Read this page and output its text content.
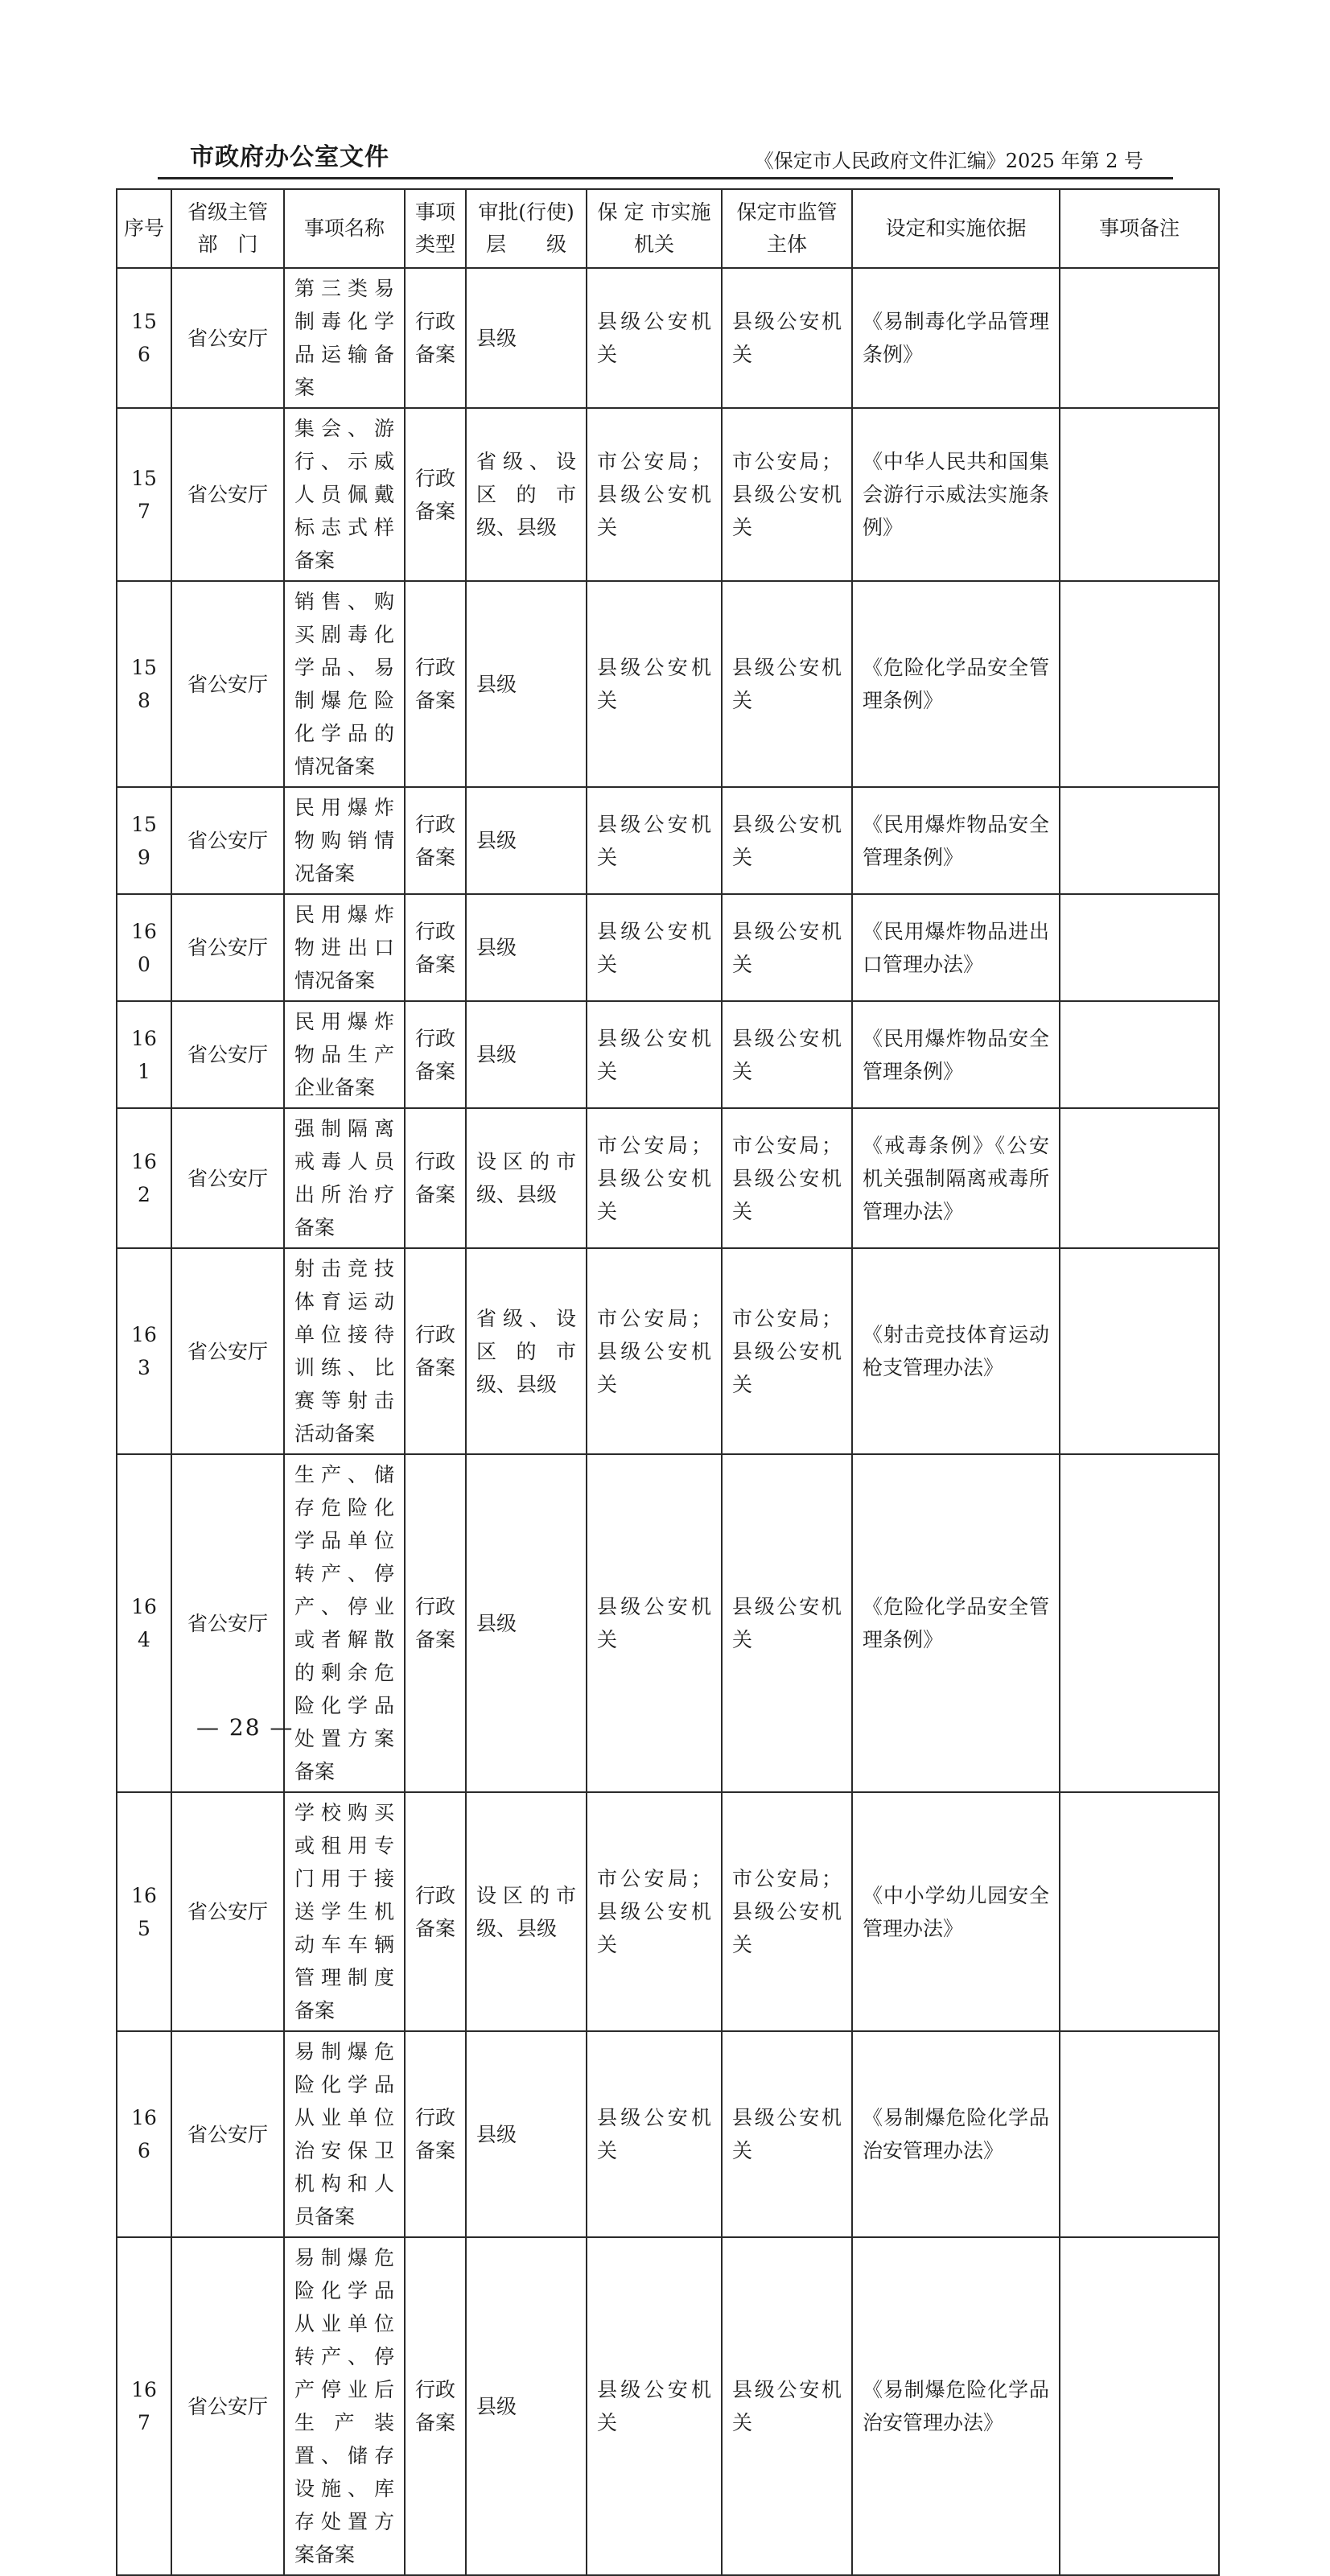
市政府办公室文件	《保定市人民政府文件汇编》2025 年第 2 号
序号	省级主管部　门	事项名称	事项类型	审批(行使)层　　级	保 定 市实施机关	保定市监管主体	设定和实施依据	事项备注
156	省公安厅	第三类易制毒化学品运输备案	行政备案	县级	县级公安机关	县级公安机关	《易制毒化学品管理条例》	
157	省公安厅	集会、游行、示威人员佩戴标志式样备案	行政备案	省级、设区的市级、县级	市公安局；县级公安机关	市公安局；县级公安机关	《中华人民共和国集会游行示威法实施条例》	
158	省公安厅	销售、购买剧毒化学品、易制爆危险化学品的情况备案	行政备案	县级	县级公安机关	县级公安机关	《危险化学品安全管理条例》	
159	省公安厅	民用爆炸物购销情况备案	行政备案	县级	县级公安机关	县级公安机关	《民用爆炸物品安全管理条例》	
160	省公安厅	民用爆炸物进出口情况备案	行政备案	县级	县级公安机关	县级公安机关	《民用爆炸物品进出口管理办法》	
161	省公安厅	民用爆炸物品生产企业备案	行政备案	县级	县级公安机关	县级公安机关	《民用爆炸物品安全管理条例》	
162	省公安厅	强制隔离戒毒人员出所治疗备案	行政备案	设区的市级、县级	市公安局；县级公安机关	市公安局；县级公安机关	《戒毒条例》《公安机关强制隔离戒毒所管理办法》	
163	省公安厅	射击竞技体育运动单位接待训练、比赛等射击活动备案	行政备案	省级、设区的市级、县级	市公安局；县级公安机关	市公安局；县级公安机关	《射击竞技体育运动枪支管理办法》	
164	省公安厅	生产、储存危险化学品单位转产、停产、停业或者解散的剩余危险化学品处置方案备案	行政备案	县级	县级公安机关	县级公安机关	《危险化学品安全管理条例》	
165	省公安厅	学校购买或租用专门用于接送学生机动车车辆管理制度备案	行政备案	设区的市级、县级	市公安局；县级公安机关	市公安局；县级公安机关	《中小学幼儿园安全管理办法》	
166	省公安厅	易制爆危险化学品从业单位治安保卫机构和人员备案	行政备案	县级	县级公安机关	县级公安机关	《易制爆危险化学品治安管理办法》	
167	省公安厅	易制爆危险化学品从业单位转产、停产停业后生产装置、储存设施、库存处置方案备案	行政备案	县级	县级公安机关	县级公安机关	《易制爆危险化学品治安管理办法》	
— 28 —
